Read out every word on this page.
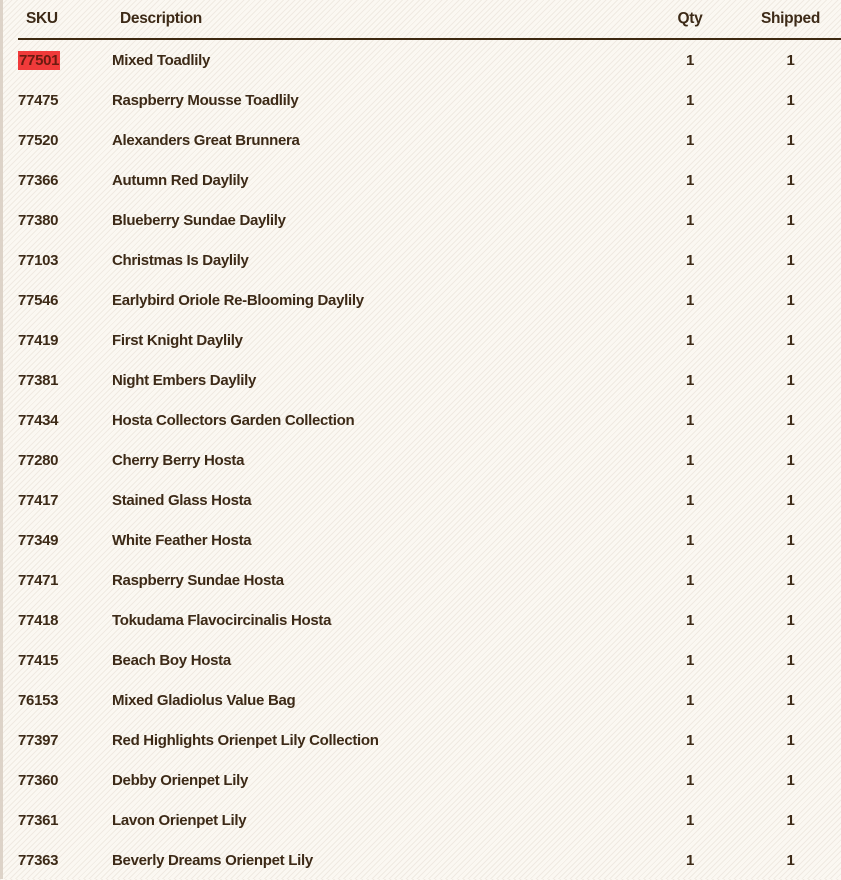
SKU	Description	Qty	Shipped
77501	Mixed Toadlily	1	1
77475	Raspberry Mousse Toadlily	1	1
77520	Alexanders Great Brunnera	1	1
77366	Autumn Red Daylily	1	1
77380	Blueberry Sundae Daylily	1	1
77103	Christmas Is Daylily	1	1
77546	Earlybird Oriole Re-Blooming Daylily	1	1
77419	First Knight Daylily	1	1
77381	Night Embers Daylily	1	1
77434	Hosta Collectors Garden Collection	1	1
77280	Cherry Berry Hosta	1	1
77417	Stained Glass Hosta	1	1
77349	White Feather Hosta	1	1
77471	Raspberry Sundae Hosta	1	1
77418	Tokudama Flavocircinalis Hosta	1	1
77415	Beach Boy Hosta	1	1
76153	Mixed Gladiolus Value Bag	1	1
77397	Red Highlights Orienpet Lily Collection	1	1
77360	Debby Orienpet Lily	1	1
77361	Lavon Orienpet Lily	1	1
77363	Beverly Dreams Orienpet Lily	1	1
